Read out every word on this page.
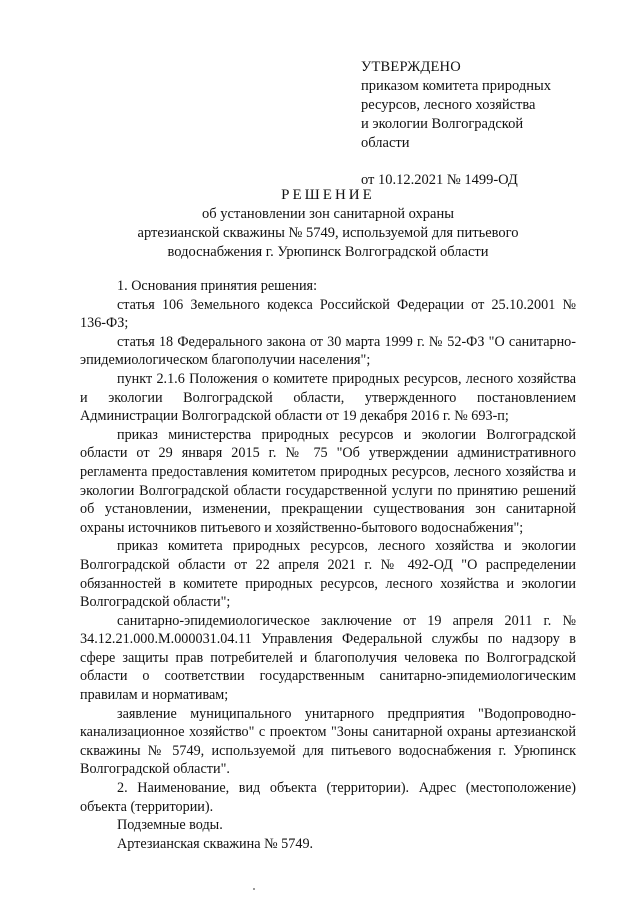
УТВЕРЖДЕНО
приказом комитета природных
ресурсов, лесного хозяйства
и экологии Волгоградской
области
от 10.12.2021 № 1499-ОД
РЕШЕНИЕ
об установлении зон санитарной охраны
артезианской скважины № 5749, используемой для питьевого
водоснабжения г. Урюпинск Волгоградской области

1. Основания принятия решения:

статья 106 Земельного кодекса Российской Федерации от 25.10.2001 № 136-ФЗ;

статья 18 Федерального закона от 30 марта 1999 г. № 52-ФЗ "О санитарно-эпидемиологическом благополучии населения";

пункт 2.1.6 Положения о комитете природных ресурсов, лесного хозяйства и экологии Волгоградской области, утвержденного постановлением Администрации Волгоградской области от 19 декабря 2016 г. № 693-п;

приказ министерства природных ресурсов и экологии Волгоградской области от 29 января 2015 г. № 75 "Об утверждении административного регламента предоставления комитетом природных ресурсов, лесного хозяйства и экологии Волгоградской области государственной услуги по принятию решений об установлении, изменении, прекращении существования зон санитарной охраны источников питьевого и хозяйственно-бытового водоснабжения";

приказ комитета природных ресурсов, лесного хозяйства и экологии Волгоградской области от 22 апреля 2021 г. № 492-ОД "О распределении обязанностей в комитете природных ресурсов, лесного хозяйства и экологии Волгоградской области";

санитарно-эпидемиологическое заключение от 19 апреля 2011 г. № 34.12.21.000.М.000031.04.11 Управления Федеральной службы по надзору в сфере защиты прав потребителей и благополучия человека по Волгоградской области о соответствии государственным санитарно-эпидемиологическим правилам и нормативам;

заявление муниципального унитарного предприятия "Водопроводно-канализационное хозяйство" с проектом "Зоны санитарной охраны артезианской скважины № 5749, используемой для питьевого водоснабжения г. Урюпинск Волгоградской области".

2. Наименование, вид объекта (территории). Адрес (местоположение) объекта (территории).

Подземные воды.

Артезианская скважина № 5749.
